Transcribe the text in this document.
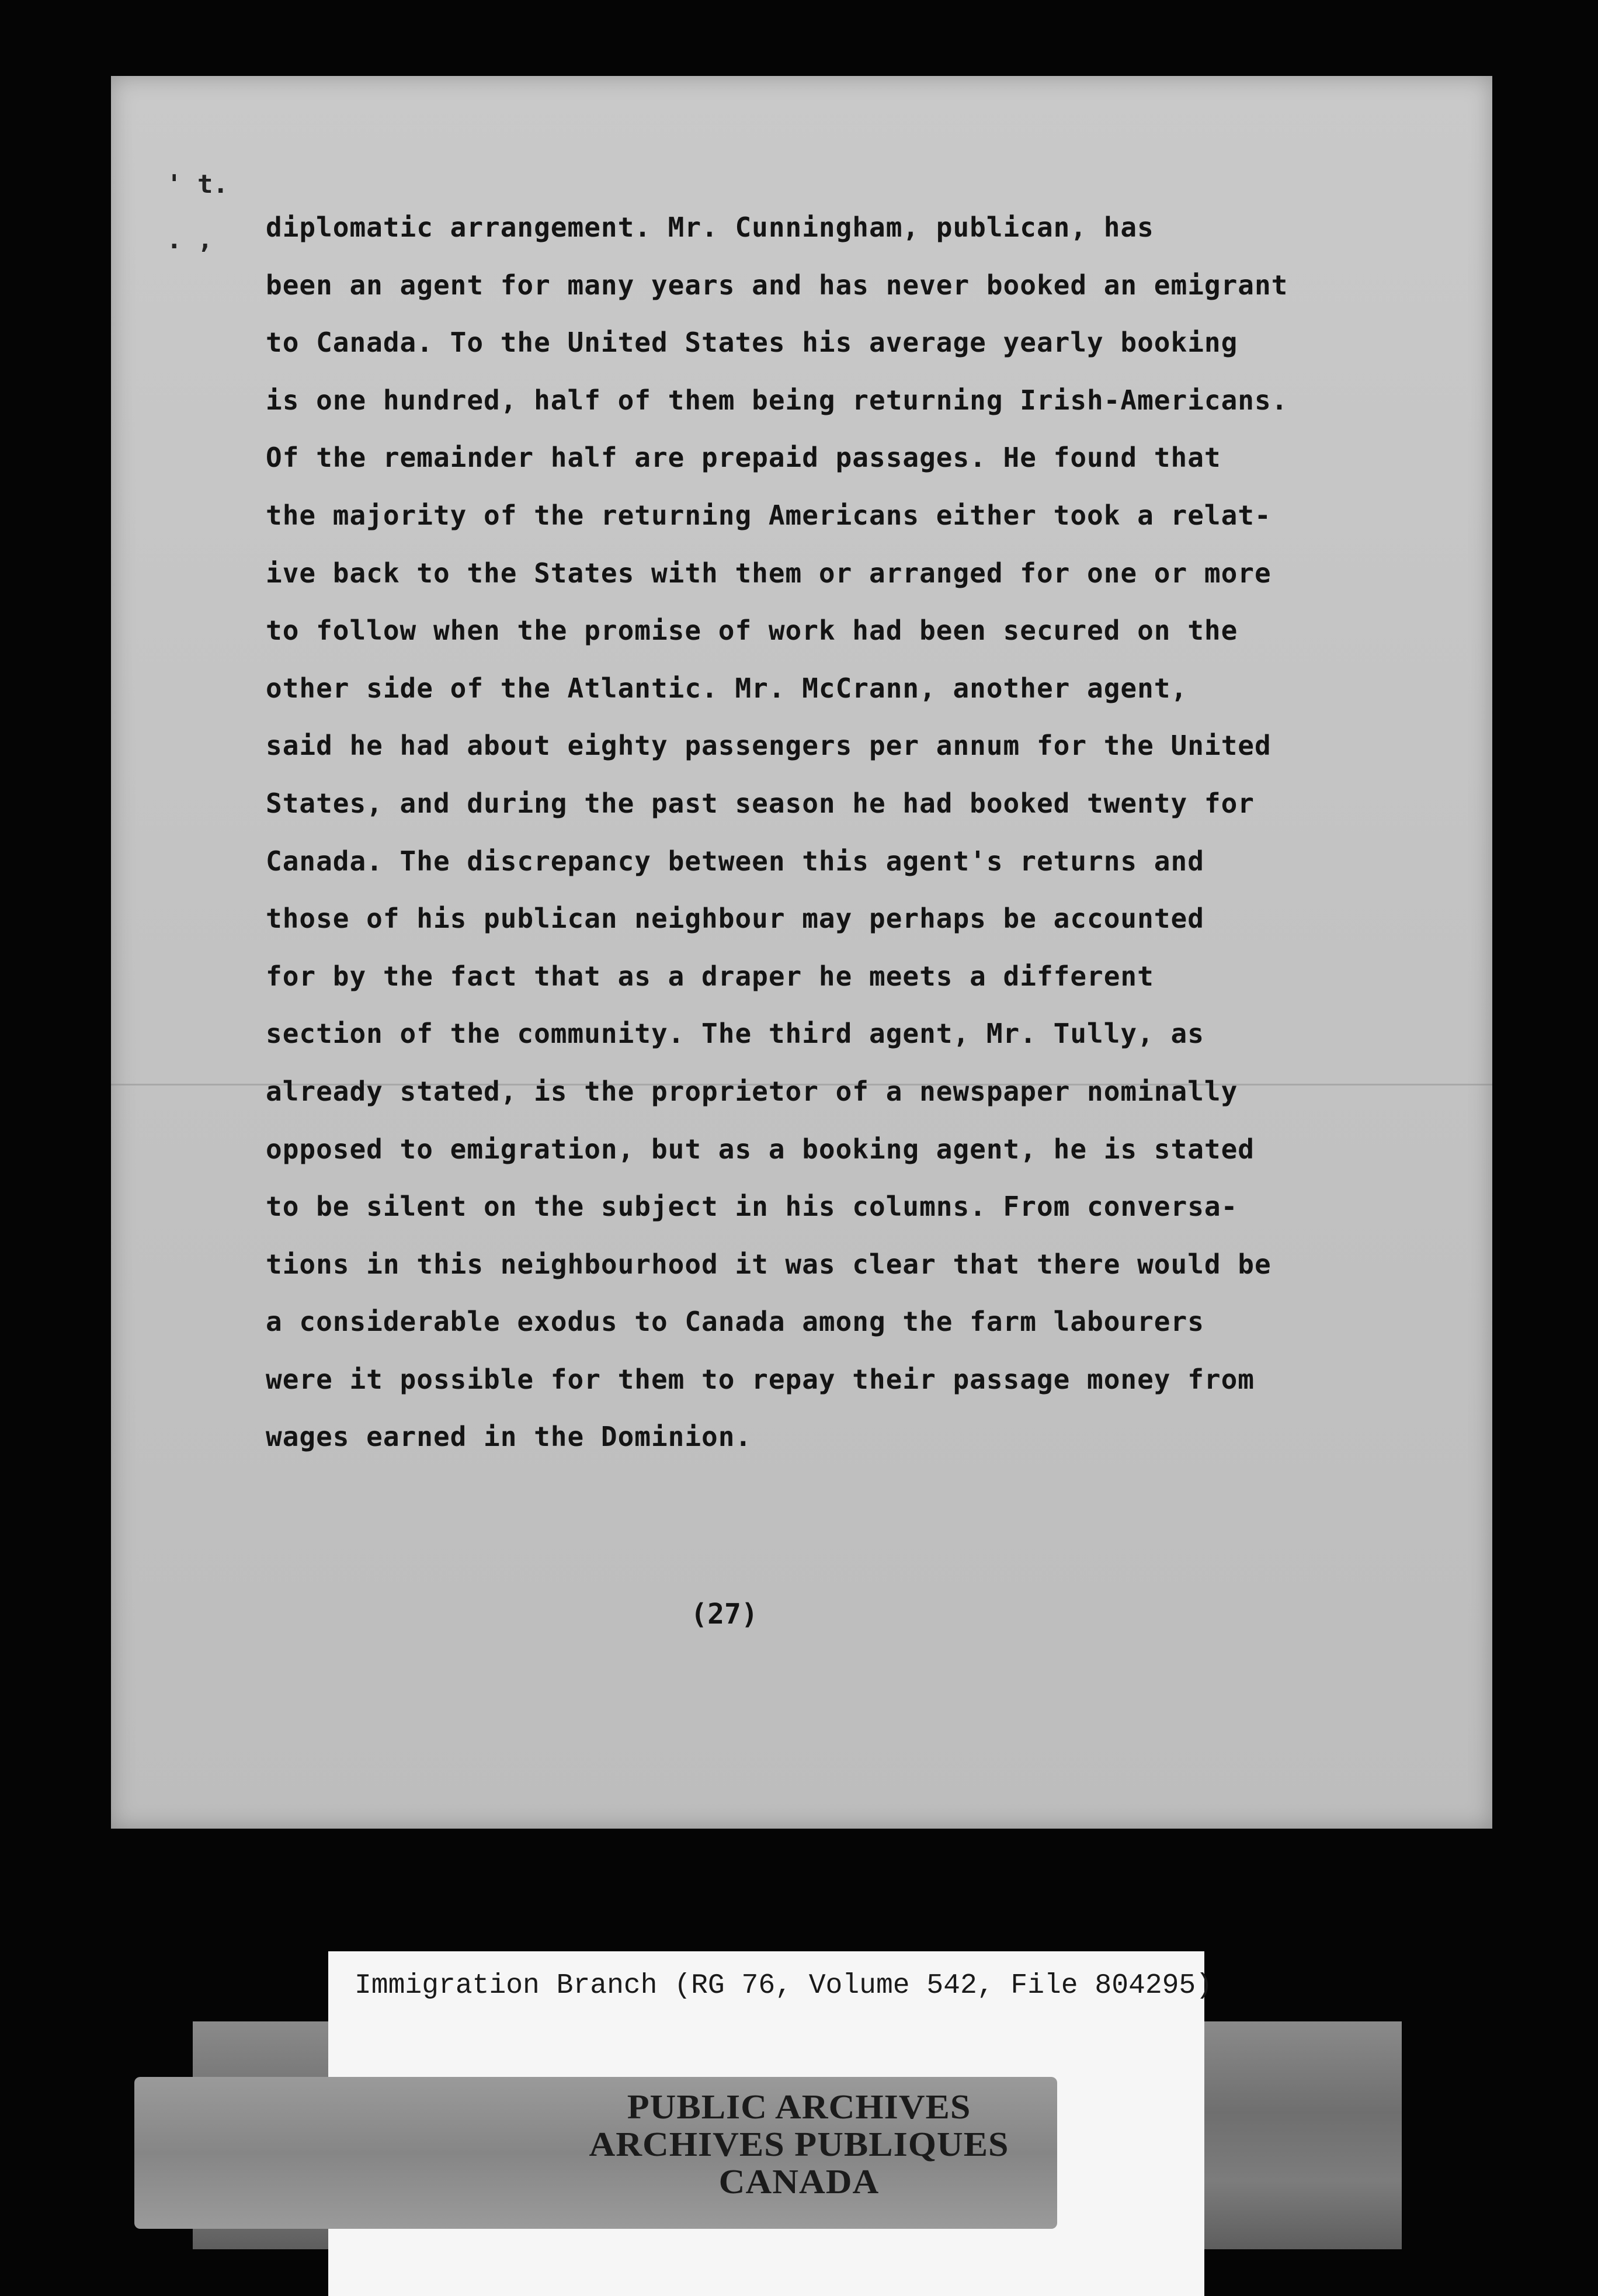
' t.
. , diplomatic arrangement. Mr. Cunningham, publican, has
been an agent for many years and has never booked an emigrant
to Canada. To the United States his average yearly booking
is one hundred, half of them being returning Irish-Americans.
Of the remainder half are prepaid passages. He found that
the majority of the returning Americans either took a relat-
ive back to the States with them or arranged for one or more
to follow when the promise of work had been secured on the
other side of the Atlantic. Mr. McCrann, another agent,
said he had about eighty passengers per annum for the United
States, and during the past season he had booked twenty for
Canada. The discrepancy between this agent's returns and
those of his publican neighbour may perhaps be accounted
for by the fact that as a draper he meets a different
section of the community. The third agent, Mr. Tully, as
already stated, is the proprietor of a newspaper nominally
opposed to emigration, but as a booking agent, he is stated
to be silent on the subject in his columns. From conversa-
tions in this neighbourhood it was clear that there would be
a considerable exodus to Canada among the farm labourers
were it possible for them to repay their passage money from
wages earned in the Dominion.
(27)
Immigration Branch (RG 76, Volume 542, File 804295)
PUBLIC ARCHIVES
ARCHIVES PUBLIQUES
CANADA
